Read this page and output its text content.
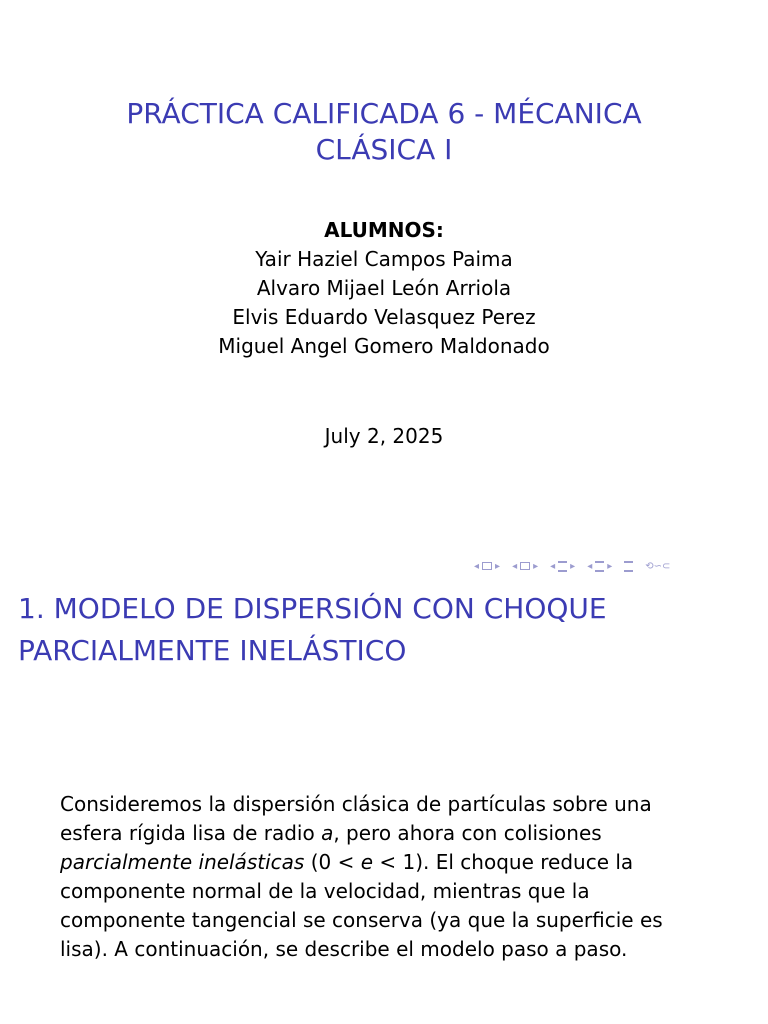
PRÁCTICA CALIFICADA 6 - MÉCANICA
CLÁSICA I
ALUMNOS:
Yair Haziel Campos Paima
Alvaro Mijael León Arriola
Elvis Eduardo Velasquez Perez
Miguel Angel Gomero Maldonado
July 2, 2025
◂ ▸ ◂ ▸ ◂ ▸ ◂ ▸	⟲∽⊂
1. MODELO DE DISPERSIÓN CON CHOQUE
PARCIALMENTE INELÁSTICO
Consideremos la dispersión clásica de partículas sobre una esfera rígida lisa de radio a, pero ahora con colisiones parcialmente inelásticas (0 < e < 1). El choque reduce la componente normal de la velocidad, mientras que la componente tangencial se conserva (ya que la superficie es lisa). A continuación, se describe el modelo paso a paso.
